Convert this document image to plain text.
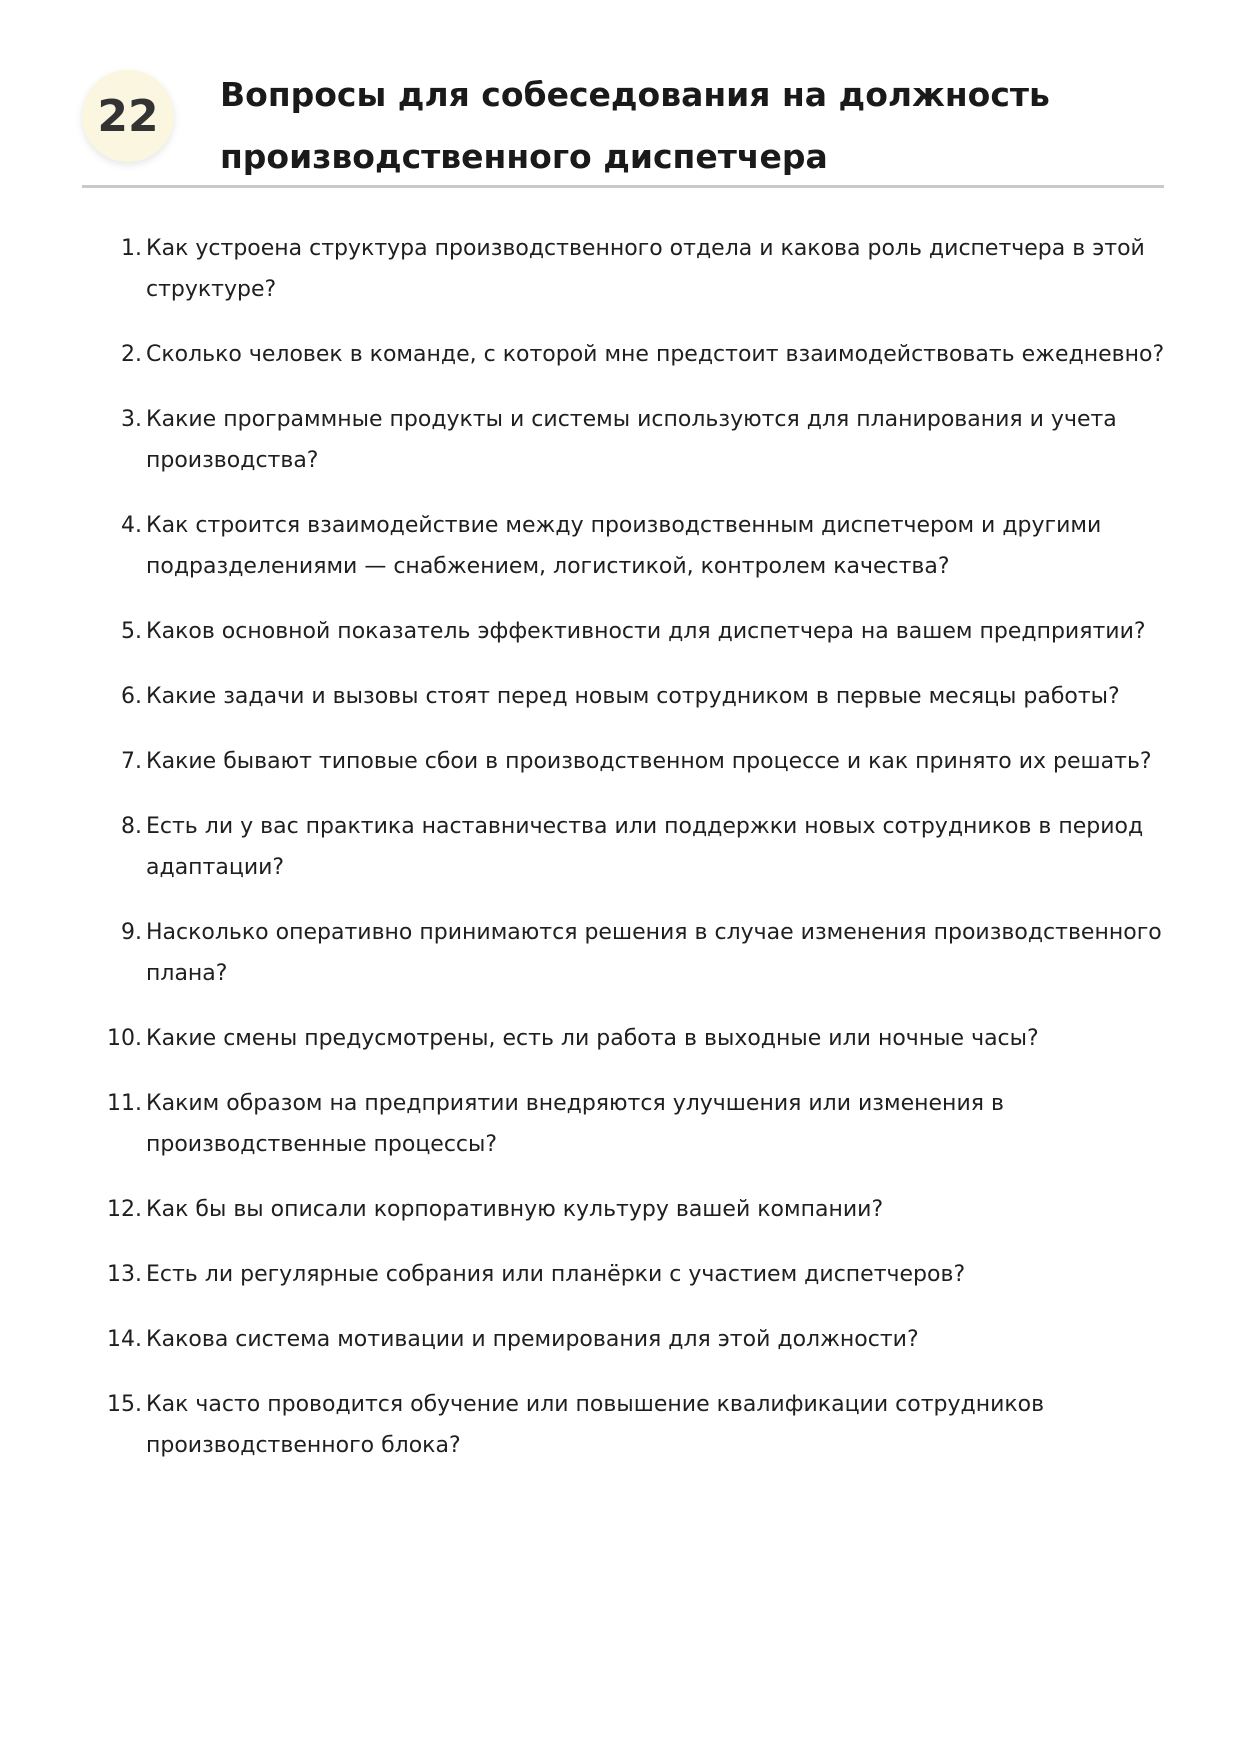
22 Вопросы для собеседования на должность производственного диспетчера
1. Как устроена структура производственного отдела и какова роль диспетчера в этой структуре?
2. Сколько человек в команде, с которой мне предстоит взаимодействовать ежедневно?
3. Какие программные продукты и системы используются для планирования и учета производства?
4. Как строится взаимодействие между производственным диспетчером и другими подразделениями — снабжением, логистикой, контролем качества?
5. Каков основной показатель эффективности для диспетчера на вашем предприятии?
6. Какие задачи и вызовы стоят перед новым сотрудником в первые месяцы работы?
7. Какие бывают типовые сбои в производственном процессе и как принято их решать?
8. Есть ли у вас практика наставничества или поддержки новых сотрудников в период адаптации?
9. Насколько оперативно принимаются решения в случае изменения производственного плана?
10. Какие смены предусмотрены, есть ли работа в выходные или ночные часы?
11. Каким образом на предприятии внедряются улучшения или изменения в производственные процессы?
12. Как бы вы описали корпоративную культуру вашей компании?
13. Есть ли регулярные собрания или планёрки с участием диспетчеров?
14. Какова система мотивации и премирования для этой должности?
15. Как часто проводится обучение или повышение квалификации сотрудников производственного блока?
